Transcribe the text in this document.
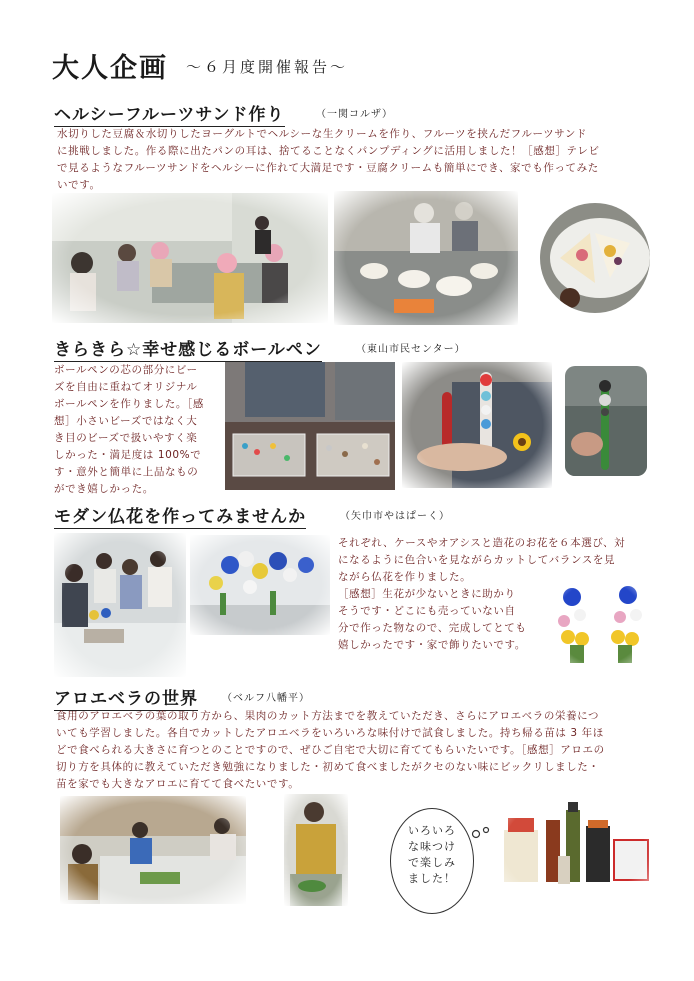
大人企画 ～６月度開催報告～
ヘルシーフルーツサンド作り	（一関コルザ）
水切りした豆腐＆水切りしたヨーグルトでヘルシーな生クリームを作り、フルーツを挟んだフルーツサンド
に挑戦しました。作る際に出たパンの耳は、捨てることなくパンプディングに活用しました！［感想］テレビ
で見るようなフルーツサンドをヘルシーに作れて大満足です・豆腐クリームも簡単にでき、家でも作ってみた
いです。
きらきら☆幸せ感じるボールペン	（東山市民センター）
ボールペンの芯の部分にビー
ズを自由に重ねてオリジナル
ボールペンを作りました。［感
想］小さいビーズではなく大
き目のビーズで扱いやすく楽
しかった・満足度は 100%で
す・意外と簡単に上品なもの
ができ嬉しかった。
モダン仏花を作ってみませんか	（矢巾市やはぱーく）
それぞれ、ケースやオアシスと造花のお花を６本選び、対
になるように色合いを見ながらカットしてバランスを見
ながら仏花を作りました。
［感想］生花が少ないときに助かり
そうです・どこにも売っていない自
分で作った物なので、完成してとても
嬉しかったです・家で飾りたいです。
アロエベラの世界 （ベルフ八幡平）
食用のアロエベラの葉の取り方から、果肉のカット方法までを教えていただき、さらにアロエベラの栄養につ
いても学習しました。各自でカットしたアロエベラをいろいろな味付けで試食しました。持ち帰る苗は 3 年ほ
どで食べられる大きさに育つとのことですので、ぜひご自宅で大切に育ててもらいたいです。［感想］アロエの
切り方を具体的に教えていただき勉強になりました・初めて食べましたがクセのない味にビックリしました・
苗を家でも大きなアロエに育てて食べたいです。
いろいろ
な味つけ
で楽しみ
ました！
